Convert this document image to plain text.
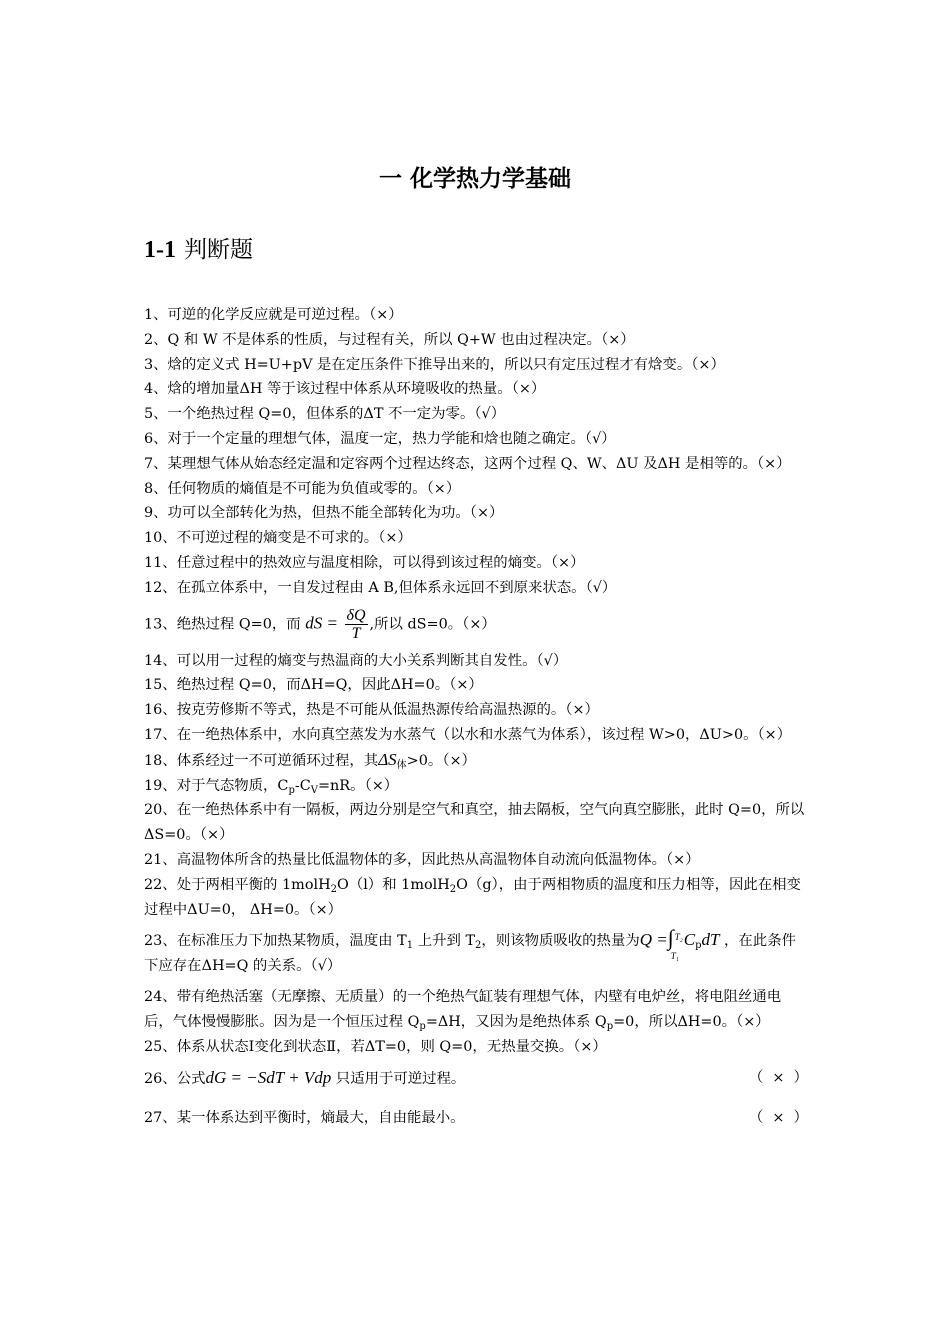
一 化学热力学基础
1-1 判断题

1、可逆的化学反应就是可逆过程。（×）

2、Q 和 W 不是体系的性质，与过程有关，所以 Q+W 也由过程决定。（×）

3、焓的定义式 H=U+pV 是在定压条件下推导出来的，所以只有定压过程才有焓变。（×）

4、焓的增加量ΔH 等于该过程中体系从环境吸收的热量。（×）

5、一个绝热过程 Q=0，但体系的ΔT 不一定为零。（√）

6、对于一个定量的理想气体，温度一定，热力学能和焓也随之确定。（√）

7、某理想气体从始态经定温和定容两个过程达终态，这两个过程 Q、W、ΔU 及ΔH 是相等的。（×）

8、任何物质的熵值是不可能为负值或零的。（×）

9、功可以全部转化为热，但热不能全部转化为功。（×）

10、不可逆过程的熵变是不可求的。（×）

11、任意过程中的热效应与温度相除，可以得到该过程的熵变。（×）

12、在孤立体系中，一自发过程由 A B,但体系永远回不到原来状态。（√）

13、绝热过程 Q=0，而 dS = $\frac{\delta Q}{T}$ ,所以 dS=0。（×）

14、可以用一过程的熵变与热温商的大小关系判断其自发性。（√）

15、绝热过程 Q=0，而ΔH=Q，因此ΔH=0。（×）

16、按克劳修斯不等式，热是不可能从低温热源传给高温热源的。（×）

17、在一绝热体系中，水向真空蒸发为水蒸气（以水和水蒸气为体系），该过程 W>0，ΔU>0。（×）

18、体系经过一不可逆循环过程，其$\Delta S_体>0$。（×）

19、对于气态物质，$C_p-C_V=nR$。（×）

20、在一绝热体系中有一隔板，两边分别是空气和真空，抽去隔板，空气向真空膨胀，此时 Q=0，所以ΔS=0。（×）

21、高温物体所含的热量比低温物体的多，因此热从高温物体自动流向低温物体。（×）

22、处于两相平衡的 1molH$_2$O（l）和 1molH$_2$O（g），由于两相物质的温度和压力相等，因此在相变过程中ΔU=0， ΔH=0。（×）

23、在标准压力下加热某物质，温度由 $T_1$ 上升到 $T_2$，则该物质吸收的热量为Q = ∫ T₂
T₁
$C_pdT$ ，在此条件下应存在ΔH=Q 的关系。（√）

24、带有绝热活塞（无摩擦、无质量）的一个绝热气缸装有理想气体，内壁有电炉丝，将电阻丝通电后，气体慢慢膨胀。因为是一个恒压过程 $Q_p=\Delta H$，又因为是绝热体系 $Q_p=0$，所以ΔH=0。（×）

25、体系从状态Ⅰ变化到状态Ⅱ，若ΔT=0，则 Q=0，无热量交换。（×）

（  ×  ）
26、公式dG = −SdT + Vdp 只适用于可逆过程。

（  ×  ）
27、某一体系达到平衡时，熵最大，自由能最小。
